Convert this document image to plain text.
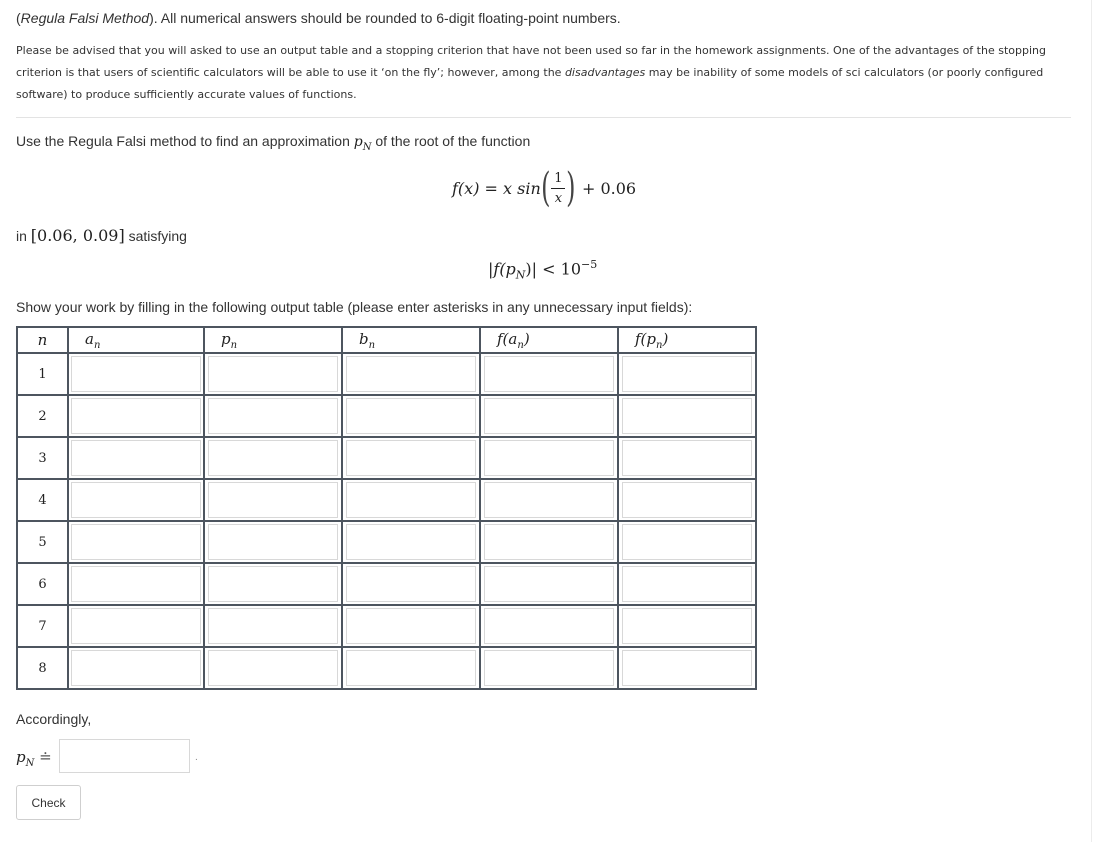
(Regula Falsi Method). All numerical answers should be rounded to 6-digit floating-point numbers.
Please be advised that you will asked to use an output table and a stopping criterion that have not been used so far in the homework assignments. One of the advantages of the stopping criterion is that users of scientific calculators will be able to use it ‘on the fly’; however, among the disadvantages may be inability of some models of sci calculators (or poorly configured software) to produce sufficiently accurate values of functions.
Use the Regula Falsi method to find an approximation $p_N$ of the root of the function
f(x) = x sin ( $\frac{1}{x}$ ) + 0.06
in [0.06, 0.09] satisfying
$|f(p_N)| < 10^{-5}$
Show your work by filling in the following output table (please enter asterisks in any unnecessary input fields):
n	$a_n$	$p_n$	$b_n$	$f(a_n)$	$f(p_n)$
1	

2	

3	

4	

5	

6	

7	

8	

Accordingly,
$p_N$ ≐	.
Check
